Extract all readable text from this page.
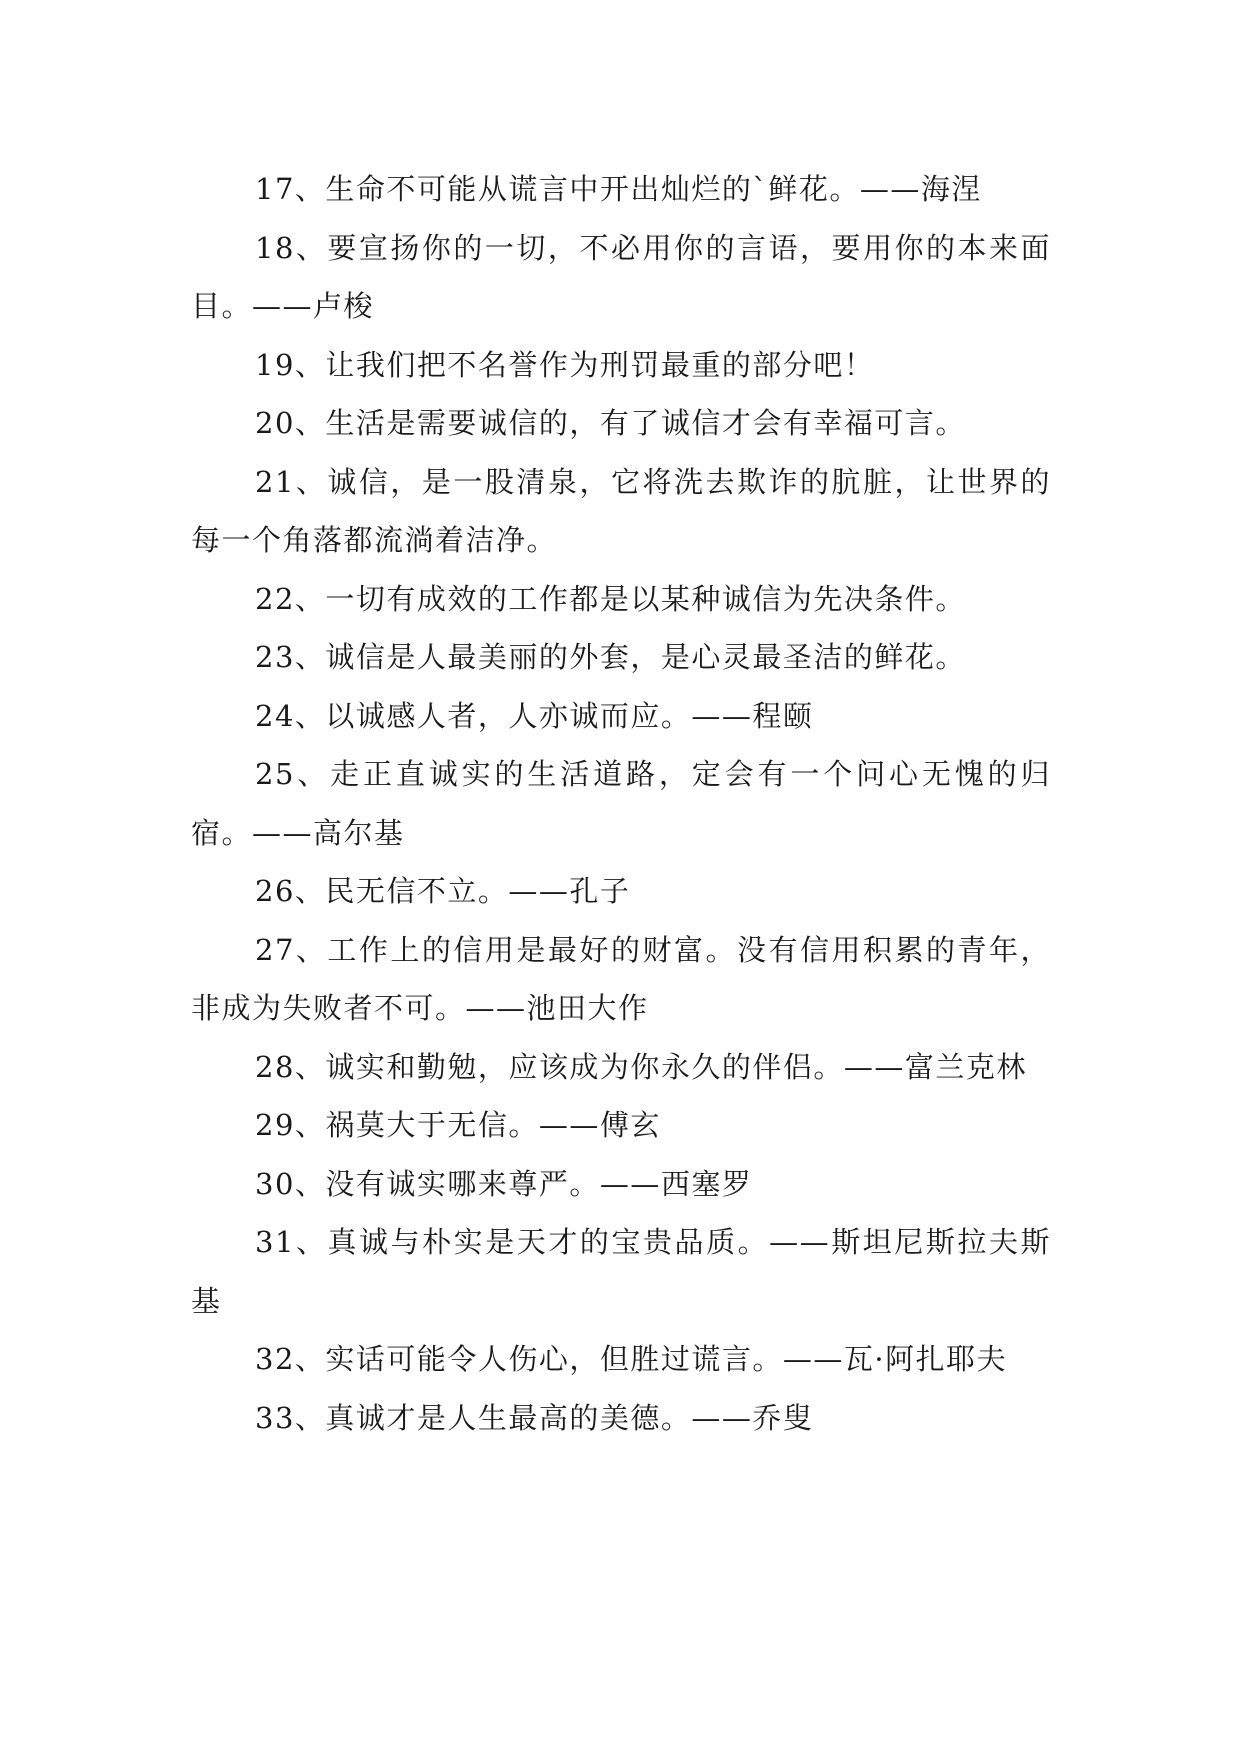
17、生命不可能从谎言中开出灿烂的`鲜花。——海涅

18、要宣扬你的一切，不必用你的言语，要用你的本来面目。——卢梭

19、让我们把不名誉作为刑罚最重的部分吧！

20、生活是需要诚信的，有了诚信才会有幸福可言。

21、诚信，是一股清泉，它将洗去欺诈的肮脏，让世界的每一个角落都流淌着洁净。

22、一切有成效的工作都是以某种诚信为先决条件。

23、诚信是人最美丽的外套，是心灵最圣洁的鲜花。

24、以诚感人者，人亦诚而应。——程颐

25、走正直诚实的生活道路，定会有一个问心无愧的归宿。——高尔基

26、民无信不立。——孔子

27、工作上的信用是最好的财富。没有信用积累的青年，非成为失败者不可。——池田大作

28、诚实和勤勉，应该成为你永久的伴侣。——富兰克林

29、祸莫大于无信。——傅玄

30、没有诚实哪来尊严。——西塞罗

31、真诚与朴实是天才的宝贵品质。——斯坦尼斯拉夫斯基

32、实话可能令人伤心，但胜过谎言。——瓦·阿扎耶夫

33、真诚才是人生最高的美德。——乔叟
